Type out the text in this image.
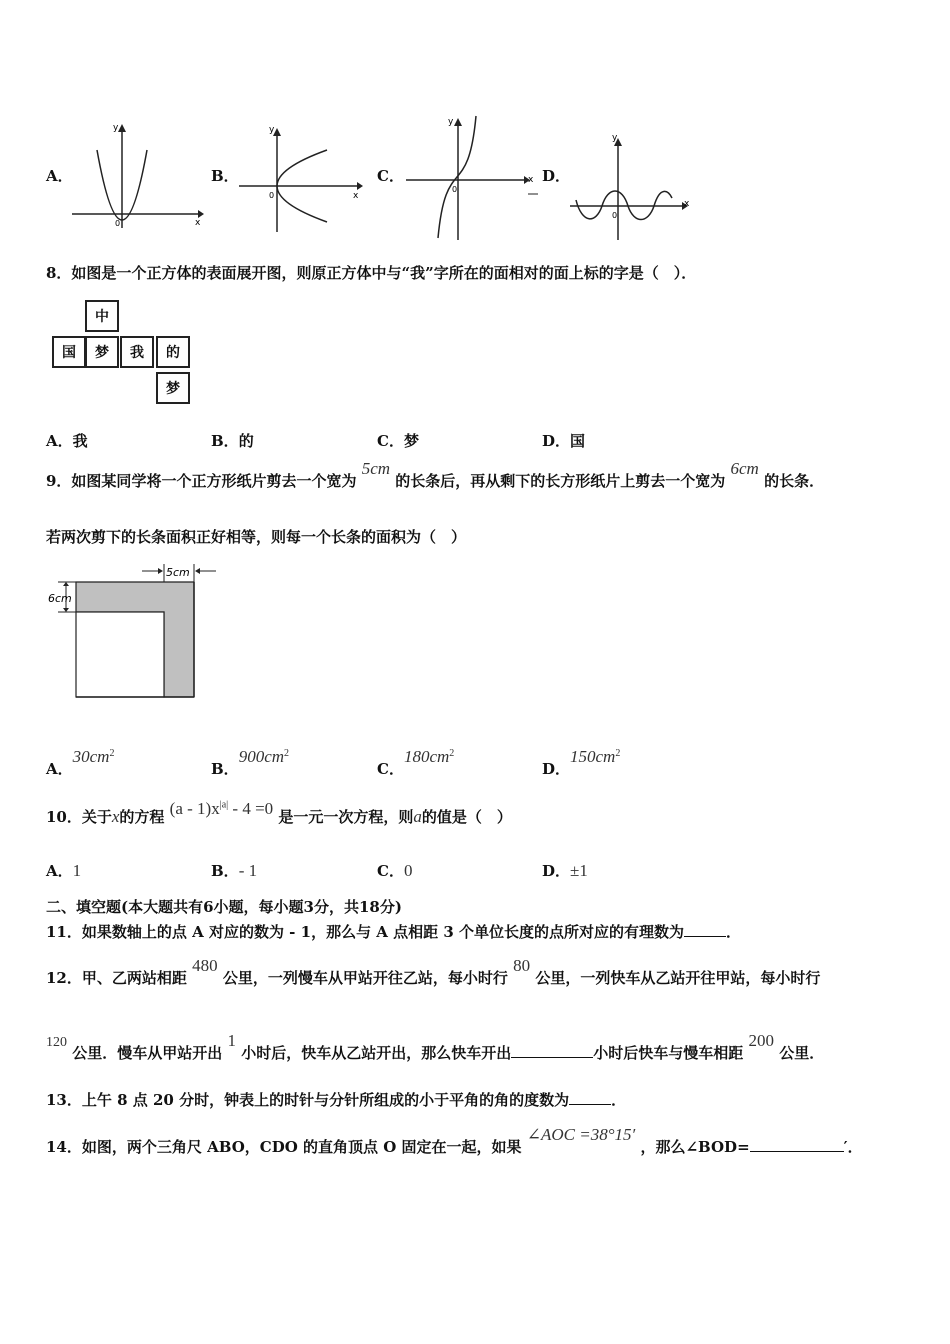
A．
y
x
0
B．
y
x
0
C．
y
x
0
D．
y
x
0
8．如图是一个正方体的表面展开图，则原正方体中与“我”字所在的面相对的面上标的字是（　）．
中
国	梦	我	的
梦
A．我	B．的	C．梦	D．国
9．如图某同学将一个正方形纸片剪去一个宽为 5cm 的长条后，再从剩下的长方形纸片上剪去一个宽为 6cm 的长条．
若两次剪下的长条面积正好相等，则每一个长条的面积为（　）
5cm
6cm
A．$30cm^2$
B．$900cm^2$
C．$180cm^2$
D．$150cm^2$
10．关于x的方程 $(a - 1)x^{|a|} - 4 =0$ 是一元一次方程，则a的值是（　）
A．1	B．- 1	C．0	D．±1
二、填空题(本大题共有6小题，每小题3分，共18分)
11．如果数轴上的点 A 对应的数为 - 1，那么与 A 点相距 3 个单位长度的点所对应的有理数为	．
12．甲、乙两站相距 480 公里，一列慢车从甲站开往乙站，每小时行 80 公里，一列快车从乙站开往甲站，每小时行
120 公里．慢车从甲站开出 1 小时后，快车从乙站开出，那么快车开出	小时后快车与慢车相距 200 公里．
13．上午 8 点 20 分时，钟表上的时针与分针所组成的小于平角的角的度数为	．
14．如图，两个三角尺 ABO，CDO 的直角顶点 O 固定在一起，如果 ∠AOC =38°15′ ，那么∠BOD=	′．
